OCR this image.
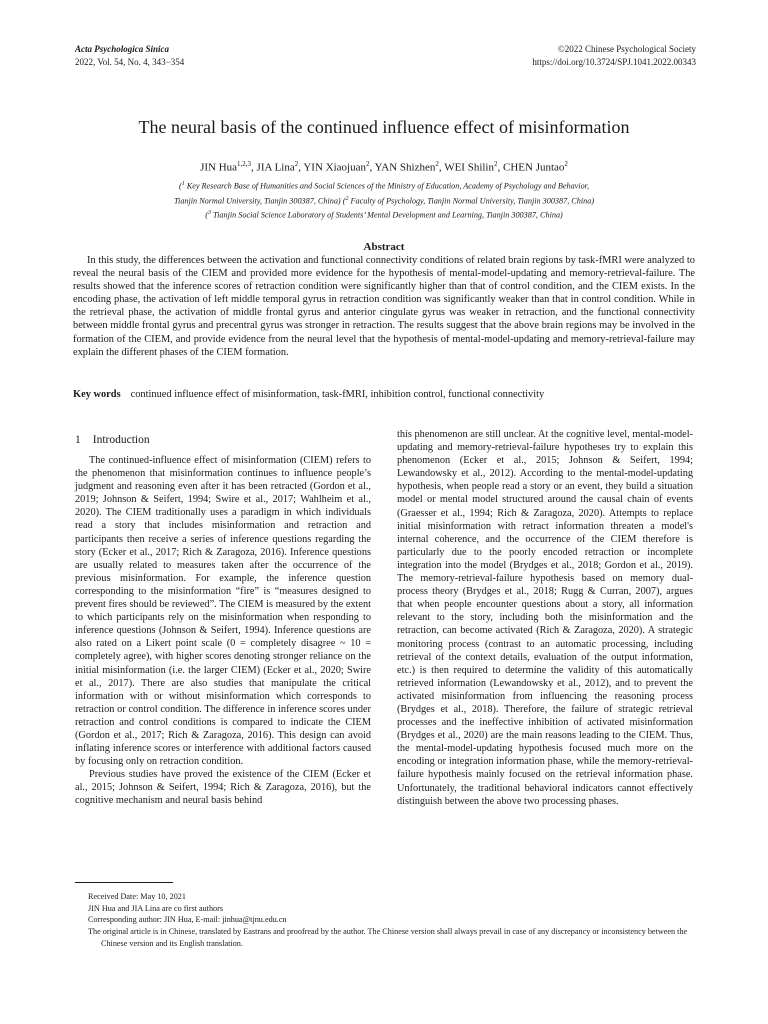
Acta Psychologica Sinica
2022, Vol. 54, No. 4, 343−354
©2022 Chinese Psychological Society
https://doi.org/10.3724/SPJ.1041.2022.00343
The neural basis of the continued influence effect of misinformation
JIN Hua$^{1,2,3}$, JIA Lina$^2$, YIN Xiaojuan$^2$, YAN Shizhen$^2$, WEI Shilin$^2$, CHEN Juntao$^2$
($^1$ Key Research Base of Humanities and Social Sciences of the Ministry of Education, Academy of Psychology and Behavior,
Tianjin Normal University, Tianjin 300387, China) ($^2$ Faculty of Psychology, Tianjin Normal University, Tianjin 300387, China)
($^3$ Tianjin Social Science Laboratory of Students’ Mental Development and Learning, Tianjin 300387, China)
Abstract

In this study, the differences between the activation and functional connectivity conditions of related brain regions by task-fMRI were analyzed to reveal the neural basis of the CIEM and provided more evidence for the hypothesis of mental-model-updating and memory-retrieval-failure. The results showed that the inference scores of retraction condition were significantly higher than that of control condition, and the CIEM exists. In the encoding phase, the activation of left middle temporal gyrus in retraction condition was significantly weaker than that in control condition. While in the retrieval phase, the activation of middle frontal gyrus and anterior cingulate gyrus was weaker in retraction, and the functional connectivity between middle frontal gyrus and precentral gyrus was stronger in retraction. The results suggest that the above brain regions may be involved in the formation of the CIEM, and provide evidence from the neural level that the hypothesis of mental-model-updating and memory-retrieval-failure may explain the different phases of the CIEM formation.

Key words continued influence effect of misinformation, task-fMRI, inhibition control, functional connectivity
1 Introduction

The continued-influence effect of misinformation (CIEM) refers to the phenomenon that misinformation continues to influence people’s judgment and reasoning even after it has been retracted (Gordon et al., 2019; Johnson & Seifert, 1994; Swire et al., 2017; Wahlheim et al., 2020). The CIEM traditionally uses a paradigm in which individuals read a story that includes misinformation and retraction and participants then receive a series of inference questions regarding the story (Ecker et al., 2017; Rich & Zaragoza, 2016). Inference questions are usually related to measures taken after the occurrence of the previous misinformation. For example, the inference question corresponding to the misinformation “fire” is “measures designed to prevent fires should be reviewed”. The CIEM is measured by the extent to which participants rely on the misinformation when responding to inference questions (Johnson & Seifert, 1994). Inference questions are also rated on a Likert point scale (0 = completely disagree ~ 10 = completely agree), with higher scores denoting stronger reliance on the initial misinformation (i.e. the larger CIEM) (Ecker et al., 2020; Swire et al., 2017). There are also studies that manipulate the critical information with or without misinformation which corresponds to retraction or control condition. The difference in inference scores under retraction and control conditions is compared to indicate the CIEM (Gordon et al., 2017; Rich & Zaragoza, 2016). This design can avoid inflating inference scores or interference with additional factors caused by focusing only on retraction condition.

Previous studies have proved the existence of the CIEM (Ecker et al., 2015; Johnson & Seifert, 1994; Rich & Zaragoza, 2016), but the cognitive mechanism and neural basis behind

this phenomenon are still unclear. At the cognitive level, mental-model-updating and memory-retrieval-failure hypotheses try to explain this phenomenon (Ecker et al., 2015; Johnson & Seifert, 1994; Lewandowsky et al., 2012). According to the mental-model-updating hypothesis, when people read a story or an event, they build a situation model or mental model structured around the causal chain of events (Graesser et al., 1994; Rich & Zaragoza, 2020). Attempts to replace initial misinformation with retract information threaten a model's internal coherence, and the occurrence of the CIEM therefore is particularly due to the poorly encoded retraction or incomplete integration into the model (Brydges et al., 2018; Gordon et al., 2019). The memory-retrieval-failure hypothesis based on memory dual-process theory (Brydges et al., 2018; Rugg & Curran, 2007), argues that when people encounter questions about a story, all information relevant to the story, including both the misinformation and the retraction, can become activated (Rich & Zaragoza, 2020). A strategic monitoring process (contrast to an automatic processing, including retrieval of the context details, evaluation of the output information, etc.) is then required to determine the validity of this automatically retrieved information (Lewandowsky et al., 2012), and to prevent the activated misinformation from influencing the reasoning process (Brydges et al., 2018). Therefore, the failure of strategic retrieval processes and the ineffective inhibition of activated misinformation (Brydges et al., 2020) are the main reasons leading to the CIEM. Thus, the mental-model-updating hypothesis focused much more on the encoding or integration information phase, while the memory-retrieval-failure hypothesis mainly focused on the retrieval information phase. Unfortunately, the traditional behavioral indicators cannot effectively distinguish between the above two processing phases.

Received Date: May 10, 2021

JIN Hua and JIA Lina are co first authors

Corresponding author: JIN Hua, E-mail: jinhua@tjnu.edu.cn

The original article is in Chinese, translated by Eastrans and proofread by the author. The Chinese version shall always prevail in case of any discrepancy or inconsistency between the Chinese version and its English translation.
